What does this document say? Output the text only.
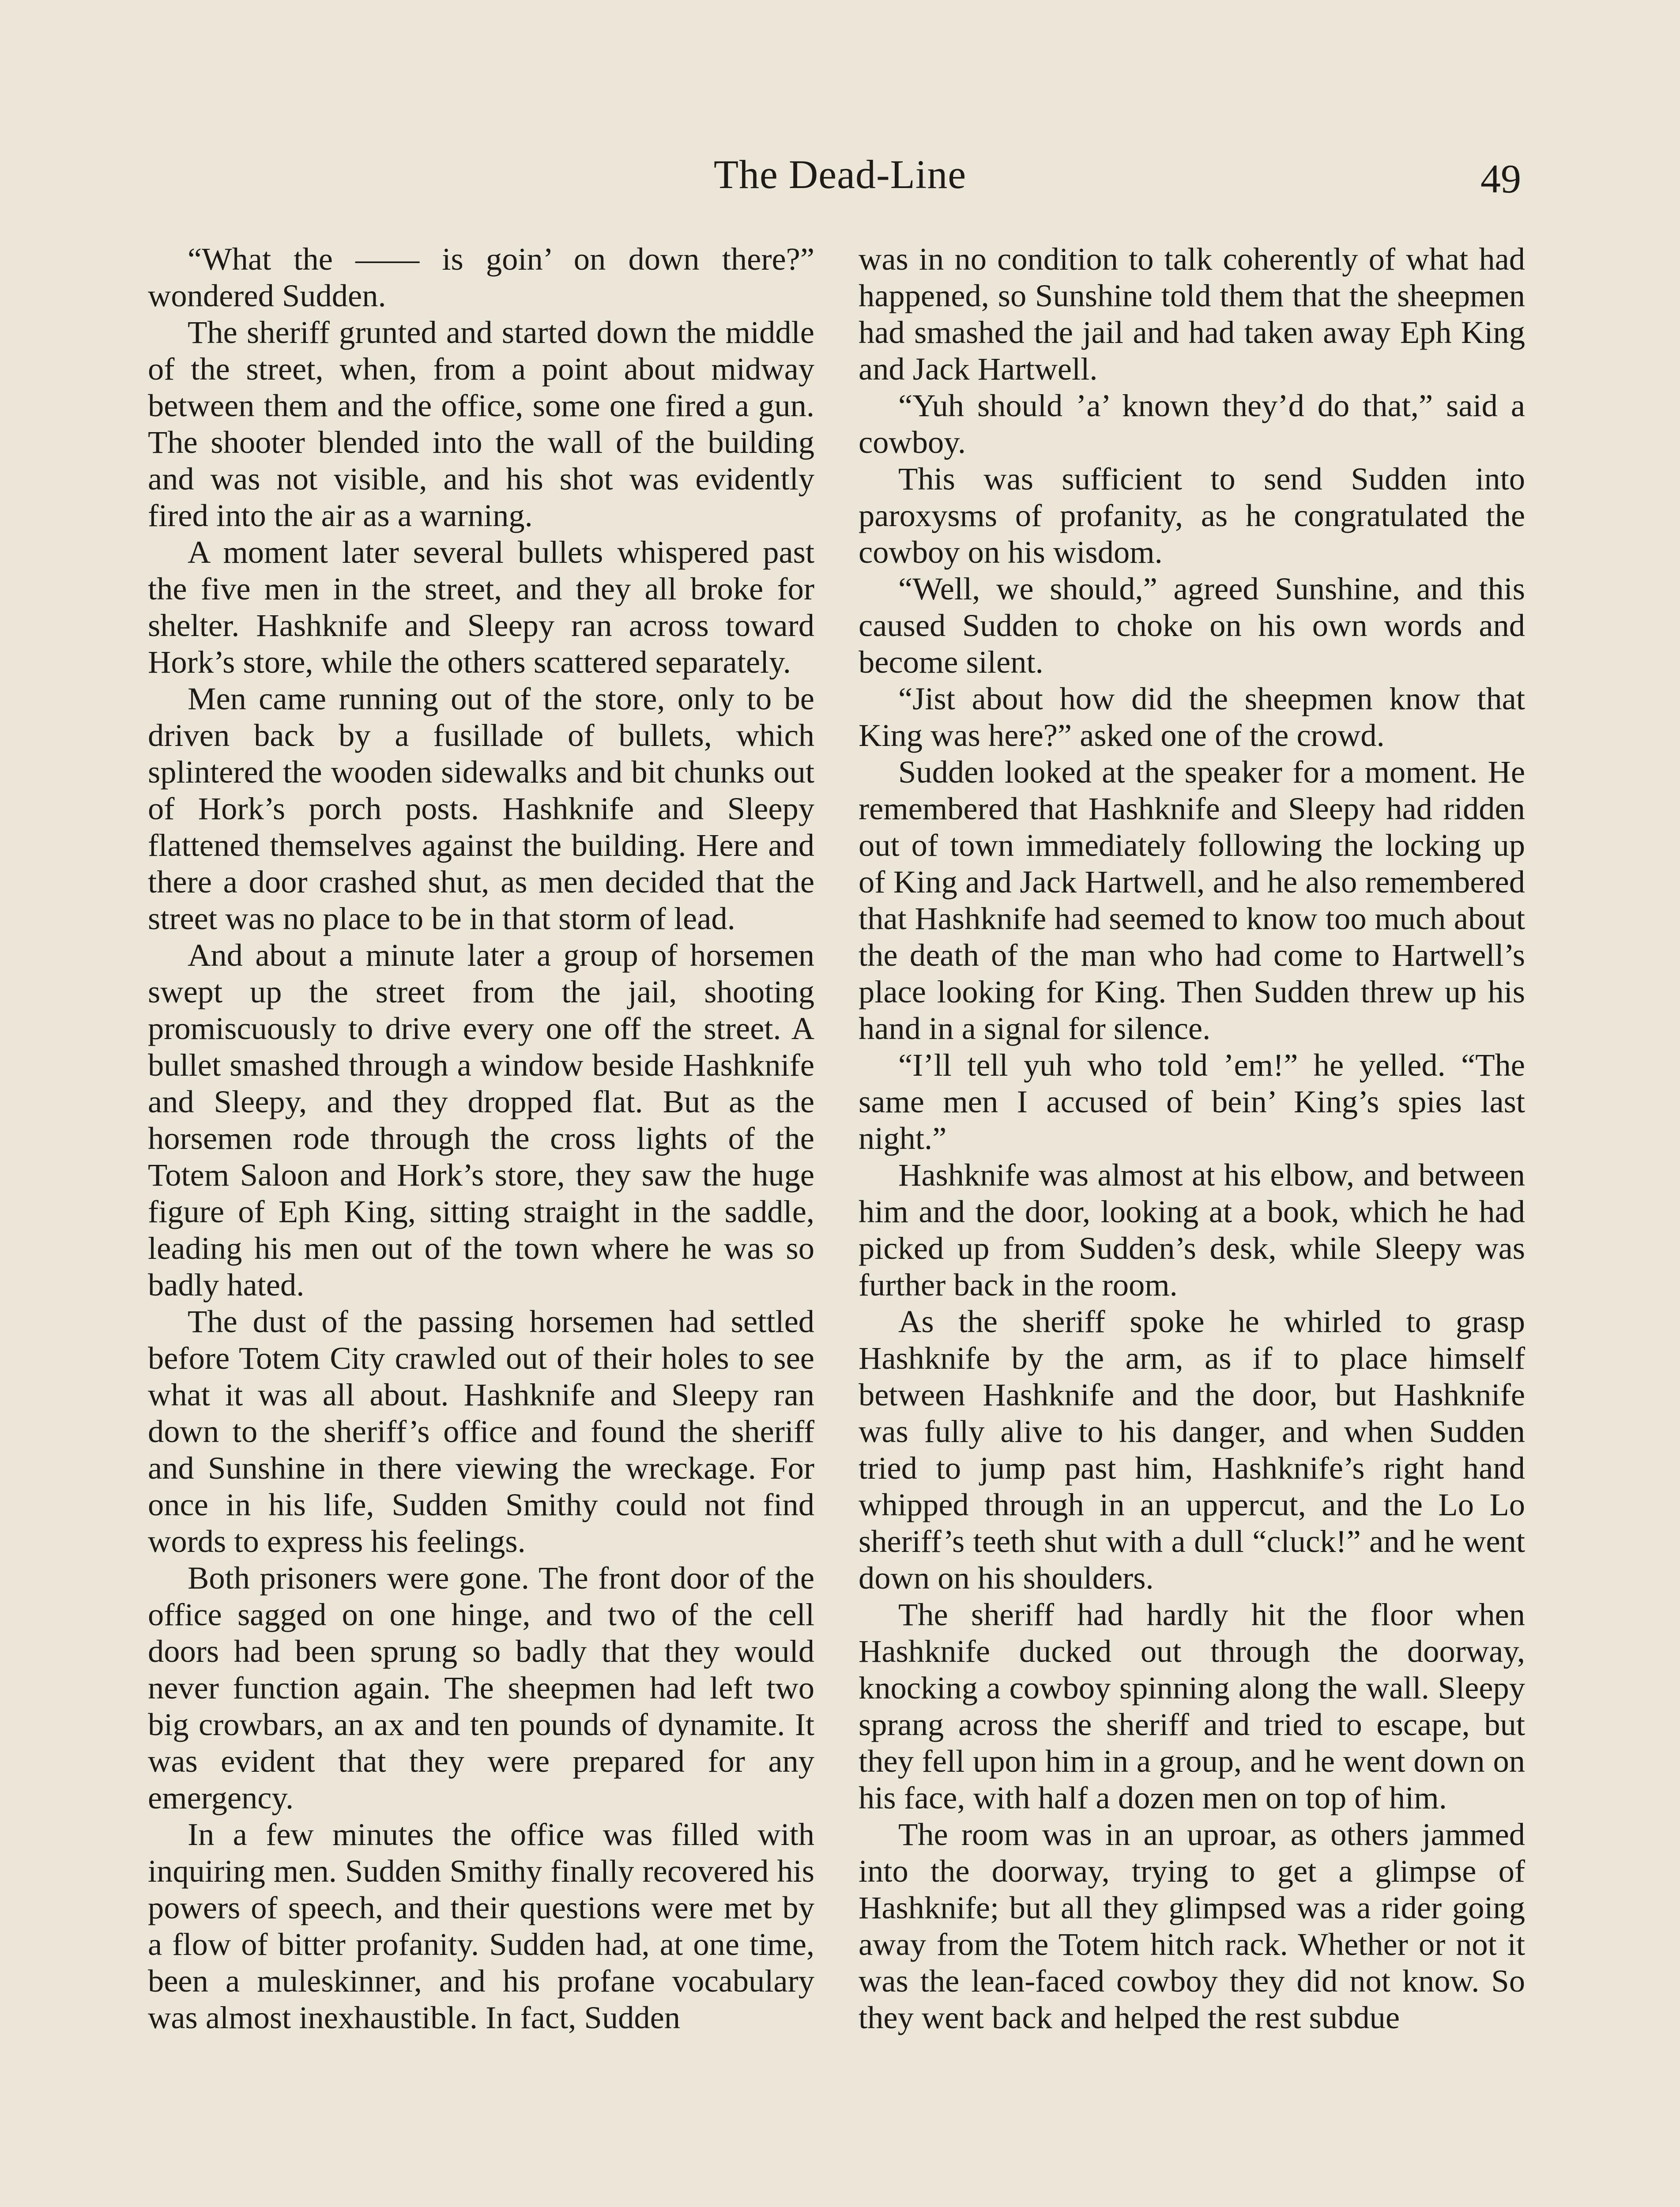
The Dead-Line	49

“What the —— is goin’ on down there?” wondered Sudden.

The sheriff grunted and started down the middle of the street, when, from a point about midway between them and the office, some one fired a gun. The shooter blended into the wall of the building and was not visible, and his shot was evidently fired into the air as a warning.

A moment later several bullets whispered past the five men in the street, and they all broke for shelter. Hashknife and Sleepy ran across toward Hork’s store, while the others scattered separately.

Men came running out of the store, only to be driven back by a fusillade of bullets, which splintered the wooden sidewalks and bit chunks out of Hork’s porch posts. Hashknife and Sleepy flattened themselves against the building. Here and there a door crashed shut, as men decided that the street was no place to be in that storm of lead.

And about a minute later a group of horsemen swept up the street from the jail, shooting promiscuously to drive every one off the street. A bullet smashed through a window beside Hashknife and Sleepy, and they dropped flat. But as the horsemen rode through the cross lights of the Totem Saloon and Hork’s store, they saw the huge figure of Eph King, sitting straight in the saddle, leading his men out of the town where he was so badly hated.

The dust of the passing horsemen had settled before Totem City crawled out of their holes to see what it was all about. Hashknife and Sleepy ran down to the sheriff’s office and found the sheriff and Sunshine in there viewing the wreckage. For once in his life, Sudden Smithy could not find words to express his feelings.

Both prisoners were gone. The front door of the office sagged on one hinge, and two of the cell doors had been sprung so badly that they would never function again. The sheepmen had left two big crowbars, an ax and ten pounds of dynamite. It was evident that they were prepared for any emergency.

In a few minutes the office was filled with inquiring men. Sudden Smithy finally recovered his powers of speech, and their questions were met by a flow of bitter profanity. Sudden had, at one time, been a muleskinner, and his profane vocabulary was almost inexhaustible. In fact, Sudden

was in no condition to talk coherently of what had happened, so Sunshine told them that the sheepmen had smashed the jail and had taken away Eph King and Jack Hartwell.

“Yuh should ’a’ known they’d do that,” said a cowboy.

This was sufficient to send Sudden into paroxysms of profanity, as he congratulated the cowboy on his wisdom.

“Well, we should,” agreed Sunshine, and this caused Sudden to choke on his own words and become silent.

“Jist about how did the sheepmen know that King was here?” asked one of the crowd.

Sudden looked at the speaker for a moment. He remembered that Hashknife and Sleepy had ridden out of town immediately following the locking up of King and Jack Hartwell, and he also remembered that Hashknife had seemed to know too much about the death of the man who had come to Hartwell’s place looking for King. Then Sudden threw up his hand in a signal for silence.

“I’ll tell yuh who told ’em!” he yelled. “The same men I accused of bein’ King’s spies last night.”

Hashknife was almost at his elbow, and between him and the door, looking at a book, which he had picked up from Sudden’s desk, while Sleepy was further back in the room.

As the sheriff spoke he whirled to grasp Hashknife by the arm, as if to place himself between Hashknife and the door, but Hashknife was fully alive to his danger, and when Sudden tried to jump past him, Hashknife’s right hand whipped through in an uppercut, and the Lo Lo sheriff’s teeth shut with a dull “cluck!” and he went down on his shoulders.

The sheriff had hardly hit the floor when Hashknife ducked out through the doorway, knocking a cowboy spinning along the wall. Sleepy sprang across the sheriff and tried to escape, but they fell upon him in a group, and he went down on his face, with half a dozen men on top of him.

The room was in an uproar, as others jammed into the doorway, trying to get a glimpse of Hashknife; but all they glimpsed was a rider going away from the Totem hitch rack. Whether or not it was the lean-faced cowboy they did not know. So they went back and helped the rest subdue
